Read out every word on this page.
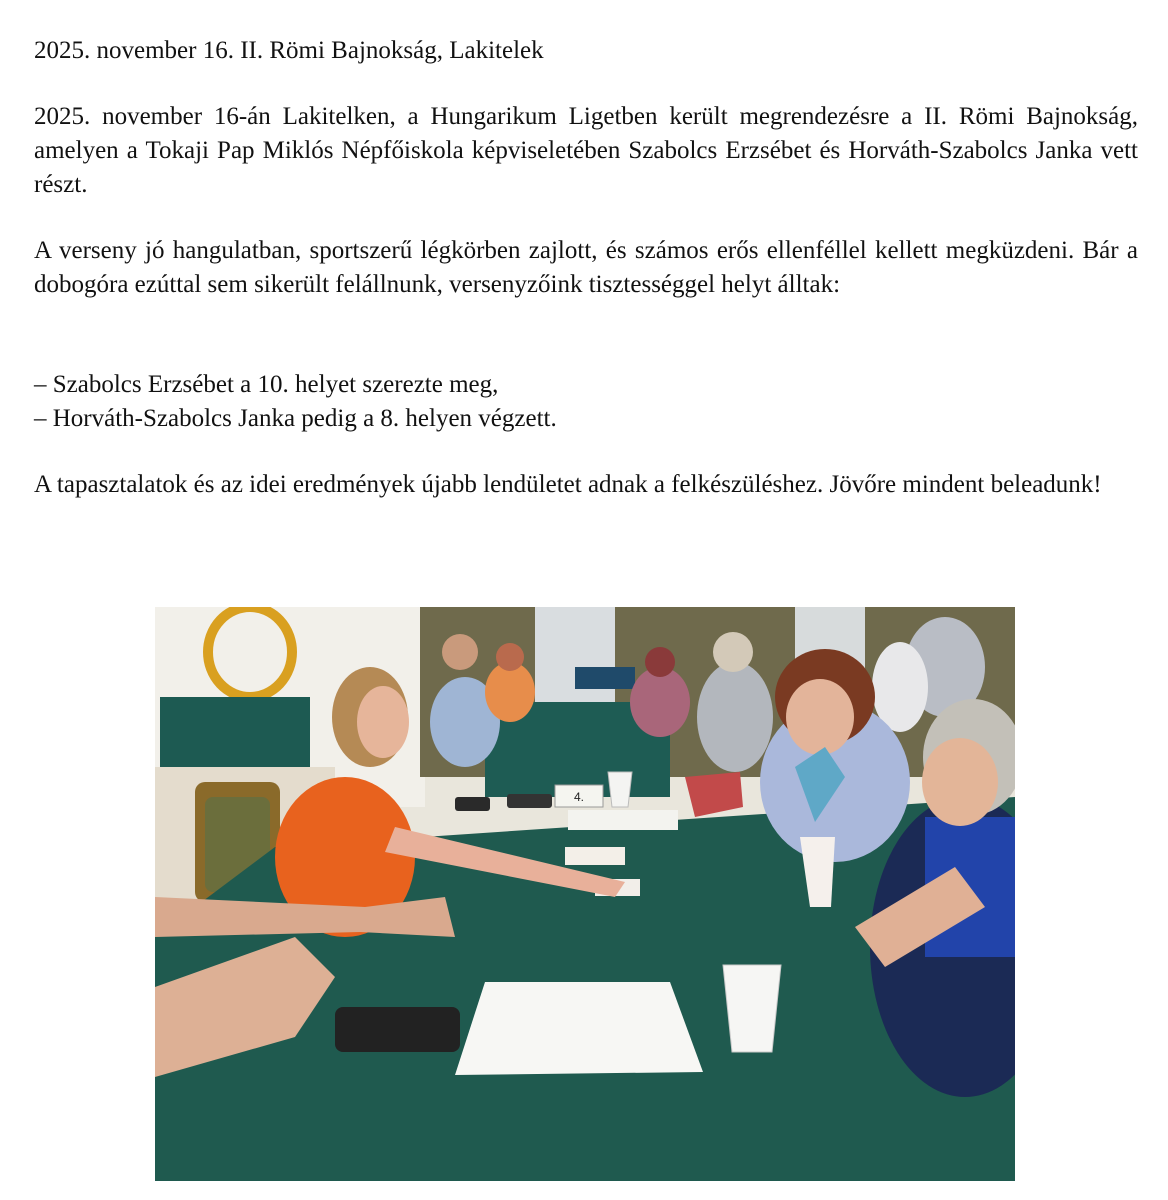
2025. november 16. II. Römi Bajnokság, Lakitelek

2025. november 16-án Lakitelken, a Hungarikum Ligetben került megrendezésre a II. Römi Bajnokság, amelyen a Tokaji Pap Miklós Népfőiskola képviseletében Szabolcs Erzsébet és Horváth-Szabolcs Janka vett részt.

A verseny jó hangulatban, sportszerű légkörben zajlott, és számos erős ellenféllel kellett megküzdeni. Bár a dobogóra ezúttal sem sikerült felállnunk, versenyzőink tisztességgel helyt álltak:

– Szabolcs Erzsébet a 10. helyet szerezte meg,

– Horváth-Szabolcs Janka pedig a 8. helyen végzett.

A tapasztalatok és az idei eredmények újabb lendületet adnak a felkészüléshez. Jövőre mindent beleadunk!

4.
